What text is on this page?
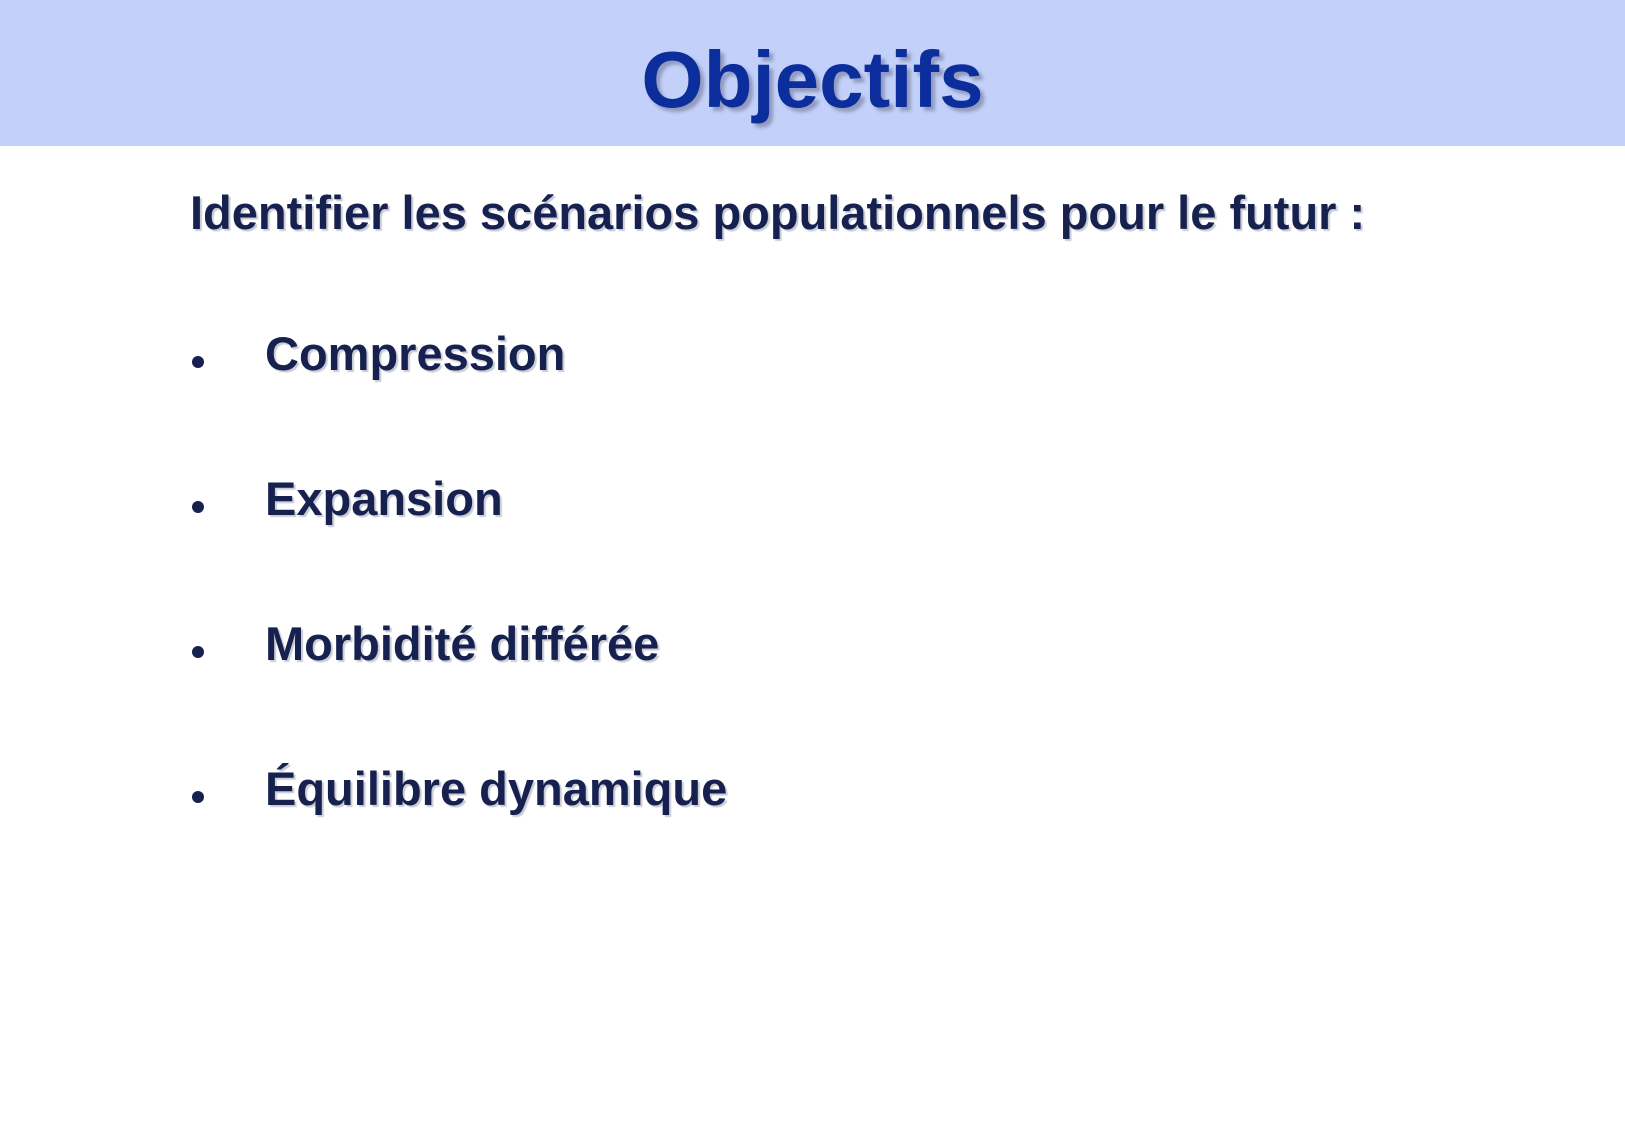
Objectifs

Identifier les scénarios populationnels pour le futur :

Compression
Expansion
Morbidité différée
Équilibre dynamique
